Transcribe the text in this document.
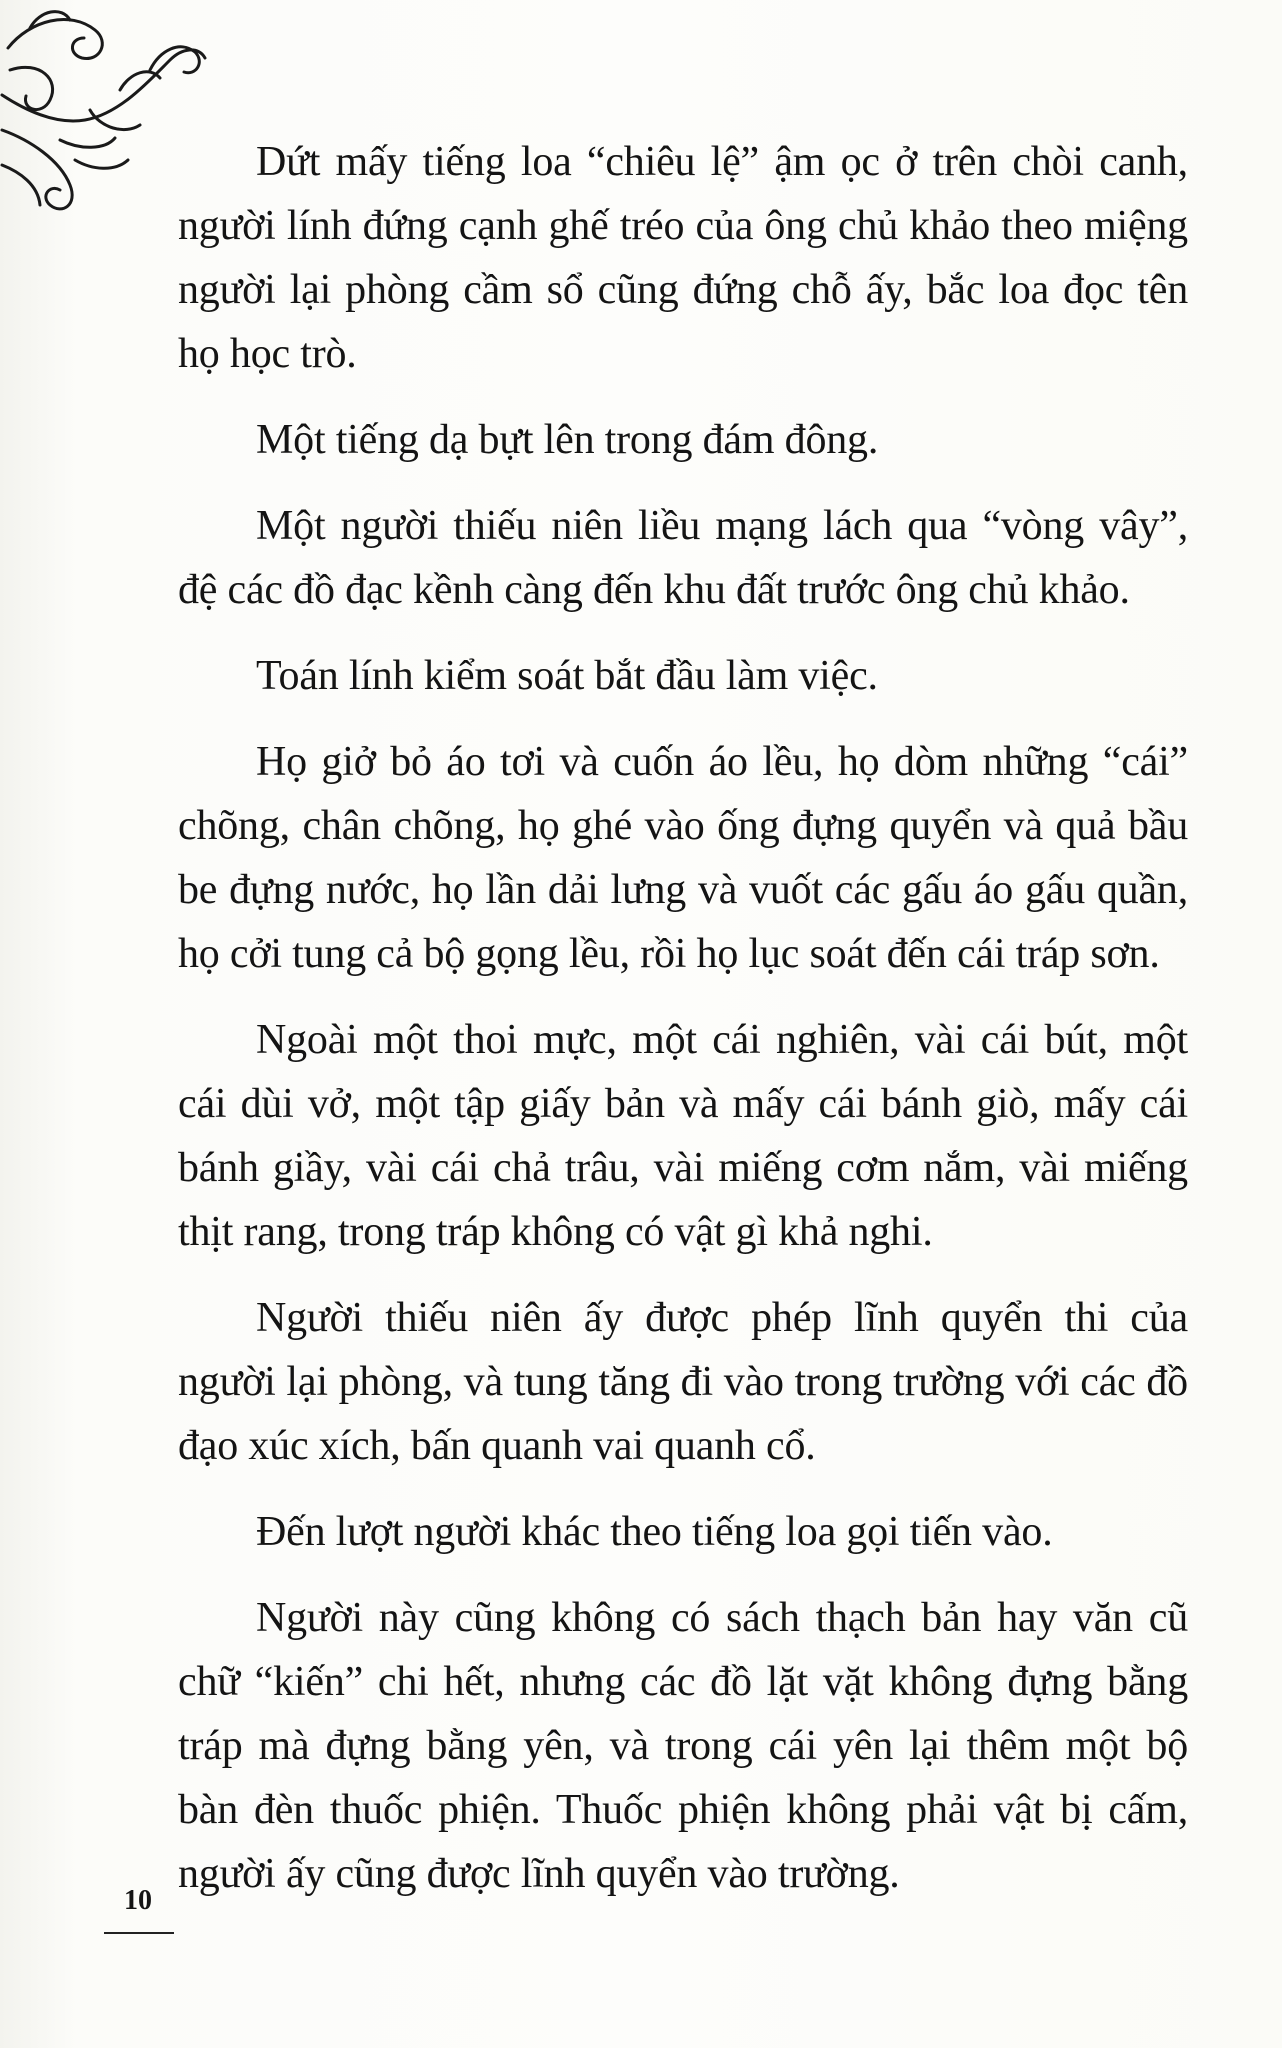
Dứt mấy tiếng loa “chiêu lệ” ậm ọc ở trên chòi canh, người lính đứng cạnh ghế tréo của ông chủ khảo theo miệng người lại phòng cầm sổ cũng đứng chỗ ấy, bắc loa đọc tên họ học trò.

Một tiếng dạ bựt lên trong đám đông.

Một người thiếu niên liều mạng lách qua “vòng vây”, đệ các đồ đạc kềnh càng đến khu đất trước ông chủ khảo.

Toán lính kiểm soát bắt đầu làm việc.

Họ giở bỏ áo tơi và cuốn áo lều, họ dòm những “cái” chõng, chân chõng, họ ghé vào ống đựng quyển và quả bầu be đựng nước, họ lần dải lưng và vuốt các gấu áo gấu quần, họ cởi tung cả bộ gọng lều, rồi họ lục soát đến cái tráp sơn.

Ngoài một thoi mực, một cái nghiên, vài cái bút, một cái dùi vở, một tập giấy bản và mấy cái bánh giò, mấy cái bánh giầy, vài cái chả trâu, vài miếng cơm nắm, vài miếng thịt rang, trong tráp không có vật gì khả nghi.

Người thiếu niên ấy được phép lĩnh quyển thi của người lại phòng, và tung tăng đi vào trong trường với các đồ đạo xúc xích, bấn quanh vai quanh cổ.

Đến lượt người khác theo tiếng loa gọi tiến vào.

Người này cũng không có sách thạch bản hay văn cũ chữ “kiến” chi hết, nhưng các đồ lặt vặt không đựng bằng tráp mà đựng bằng yên, và trong cái yên lại thêm một bộ bàn đèn thuốc phiện. Thuốc phiện không phải vật bị cấm, người ấy cũng được lĩnh quyển vào trường.

10
